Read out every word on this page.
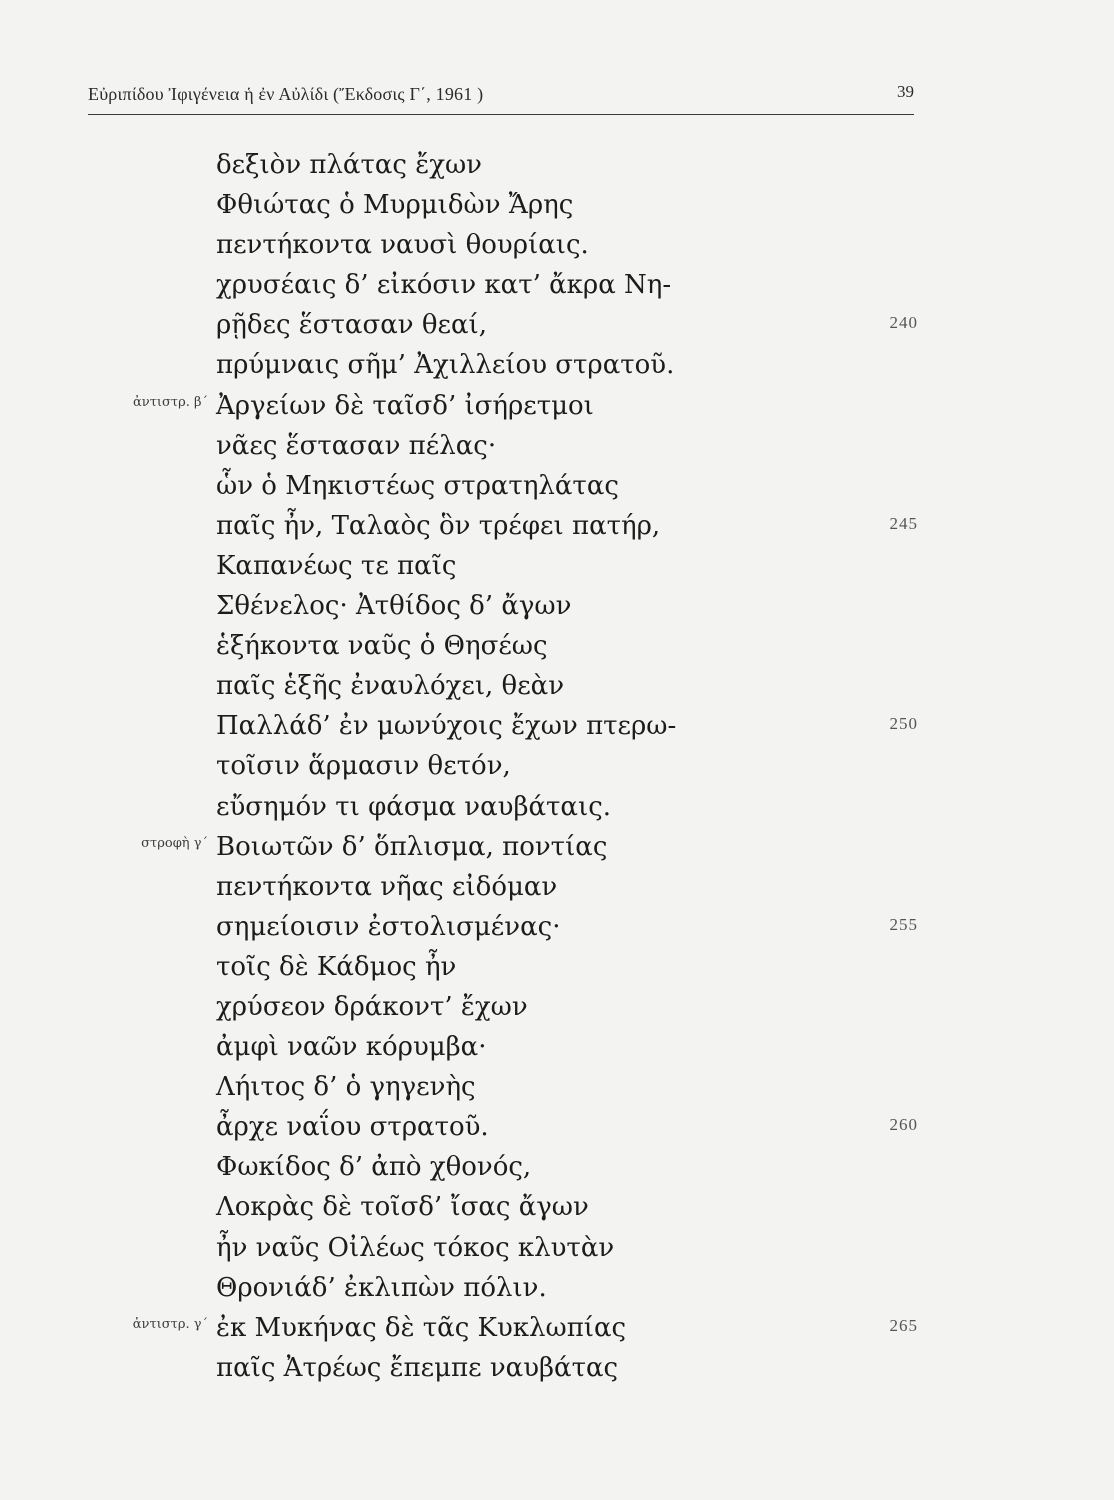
Εὐριπίδου Ἰφιγένεια ἡ ἐν Αὐλίδι (Ἔκδοσις Γ΄, 1961 )	39
δεξιὸν πλάτας ἔχων
Φθιώτας ὁ Μυρμιδὼν Ἄρης
πεντήκοντα ναυσὶ θουρίαις.
χρυσέαις δ’ εἰκόσιν κατ’ ἄκρα Νη-
ρῇδες ἕστασαν θεαί,	240
πρύμναις σῆμ’ Ἀχιλλείου στρατοῦ.
ἀντιστρ. β΄ Ἀργείων δὲ ταῖσδ’ ἰσήρετμοι
νᾶες ἕστασαν πέλας·
ὧν ὁ Μηκιστέως στρατηλάτας
παῖς ἦν, Ταλαὸς ὃν τρέφει πατήρ,	245
Καπανέως τε παῖς
Σθένελος· Ἀτθίδος δ’ ἄγων
ἑξήκοντα ναῦς ὁ Θησέως
παῖς ἑξῆς ἐναυλόχει, θεὰν
Παλλάδ’ ἐν μωνύχοις ἔχων πτερω-	250
τοῖσιν ἅρμασιν θετόν,
εὔσημόν τι φάσμα ναυβάταις.
στροφὴ γ΄ Βοιωτῶν δ’ ὅπλισμα, ποντίας
πεντήκοντα νῆας εἰδόμαν
σημείοισιν ἐστολισμένας·	255
τοῖς δὲ Κάδμος ἦν
χρύσεον δράκοντ’ ἔχων
ἀμφὶ ναῶν κόρυμβα·
Λήιτος δ’ ὁ γηγενὴς
ἆρχε ναΐου στρατοῦ.	260
Φωκίδος δ’ ἀπὸ χθονός,
Λοκρὰς δὲ τοῖσδ’ ἴσας ἄγων
ἦν ναῦς Οἰλέως τόκος κλυτὰν
Θρονιάδ’ ἐκλιπὼν πόλιν.
ἀντιστρ. γ΄ ἐκ Μυκήνας δὲ τᾶς Κυκλωπίας	265
παῖς Ἀτρέως ἔπεμπε ναυβάτας
